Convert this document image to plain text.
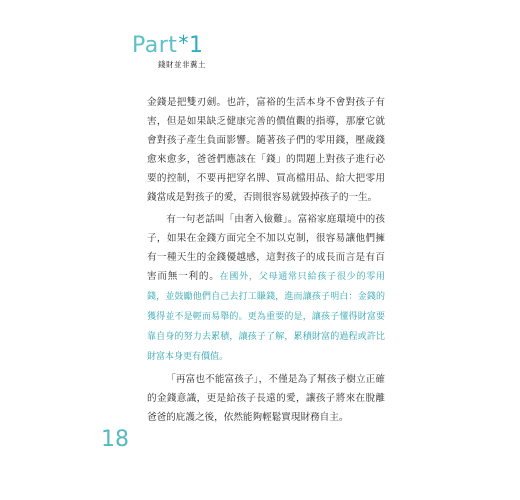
Part*1
錢財並非糞土

金錢是把雙刃劍。也許，富裕的生活本身不會對孩子有害，但是如果缺乏健康完善的價值觀的指導，那麼它就會對孩子產生負面影響。隨著孩子們的零用錢，壓歲錢愈來愈多，爸爸們應該在「錢」的問題上對孩子進行必要的控制，不要再把穿名牌、買高檔用品、給大把零用錢當成是對孩子的愛，否則很容易就毀掉孩子的一生。

有一句老話叫「由奢入儉難」。富裕家庭環境中的孩子，如果在金錢方面完全不加以克制，很容易讓他們擁有一種天生的金錢優越感，這對孩子的成長而言是有百害而無一利的。在國外，父母通常只給孩子很少的零用錢，並鼓勵他們自己去打工賺錢，進而讓孩子明白：金錢的獲得並不是輕而易舉的。更為重要的是，讓孩子懂得財富要靠自身的努力去累積，讓孩子了解，累積財富的過程或許比財富本身更有價值。

「再富也不能富孩子」，不僅是為了幫孩子樹立正確的金錢意識，更是給孩子長遠的愛，讓孩子將來在脫離爸爸的庇護之後，依然能夠輕鬆實現財務自主。

18
